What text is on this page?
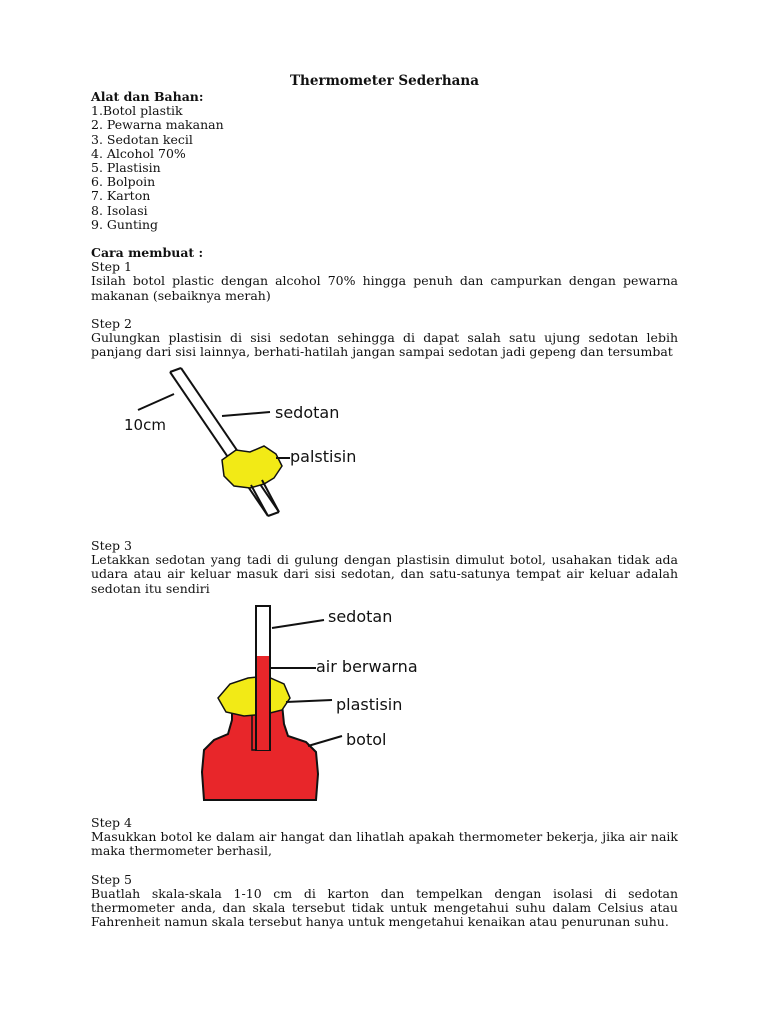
Thermometer Sederhana

Alat dan Bahan:

1.Botol plastik
2. Pewarna makanan
3. Sedotan kecil
4. Alcohol 70%
5. Plastisin
6. Bolpoin
7. Karton
8. Isolasi
9. Gunting

Cara membuat :

Step 1

Isilah botol plastic dengan alcohol 70% hingga penuh dan campurkan dengan pewarna makanan (sebaiknya merah)

Step 2

Gulungkan plastisin di sisi sedotan sehingga di dapat salah satu ujung sedotan lebih panjang dari sisi lainnya, berhati-hatilah jangan sampai sedotan jadi gepeng dan tersumbat

10cm
sedotan
palstisin

Step 3

Letakkan sedotan yang tadi di gulung dengan plastisin dimulut botol, usahakan tidak ada udara atau air keluar masuk dari sisi sedotan, dan satu-satunya tempat air keluar adalah sedotan itu sendiri

sedotan
air berwarna
plastisin
botol

Step 4

Masukkan botol ke dalam air hangat dan lihatlah apakah thermometer bekerja, jika air naik maka thermometer berhasil,

Step 5

Buatlah skala-skala 1-10 cm di karton dan tempelkan dengan isolasi di sedotan thermometer anda, dan skala tersebut tidak untuk mengetahui suhu dalam Celsius atau Fahrenheit namun skala tersebut hanya untuk mengetahui kenaikan atau penurunan suhu.
